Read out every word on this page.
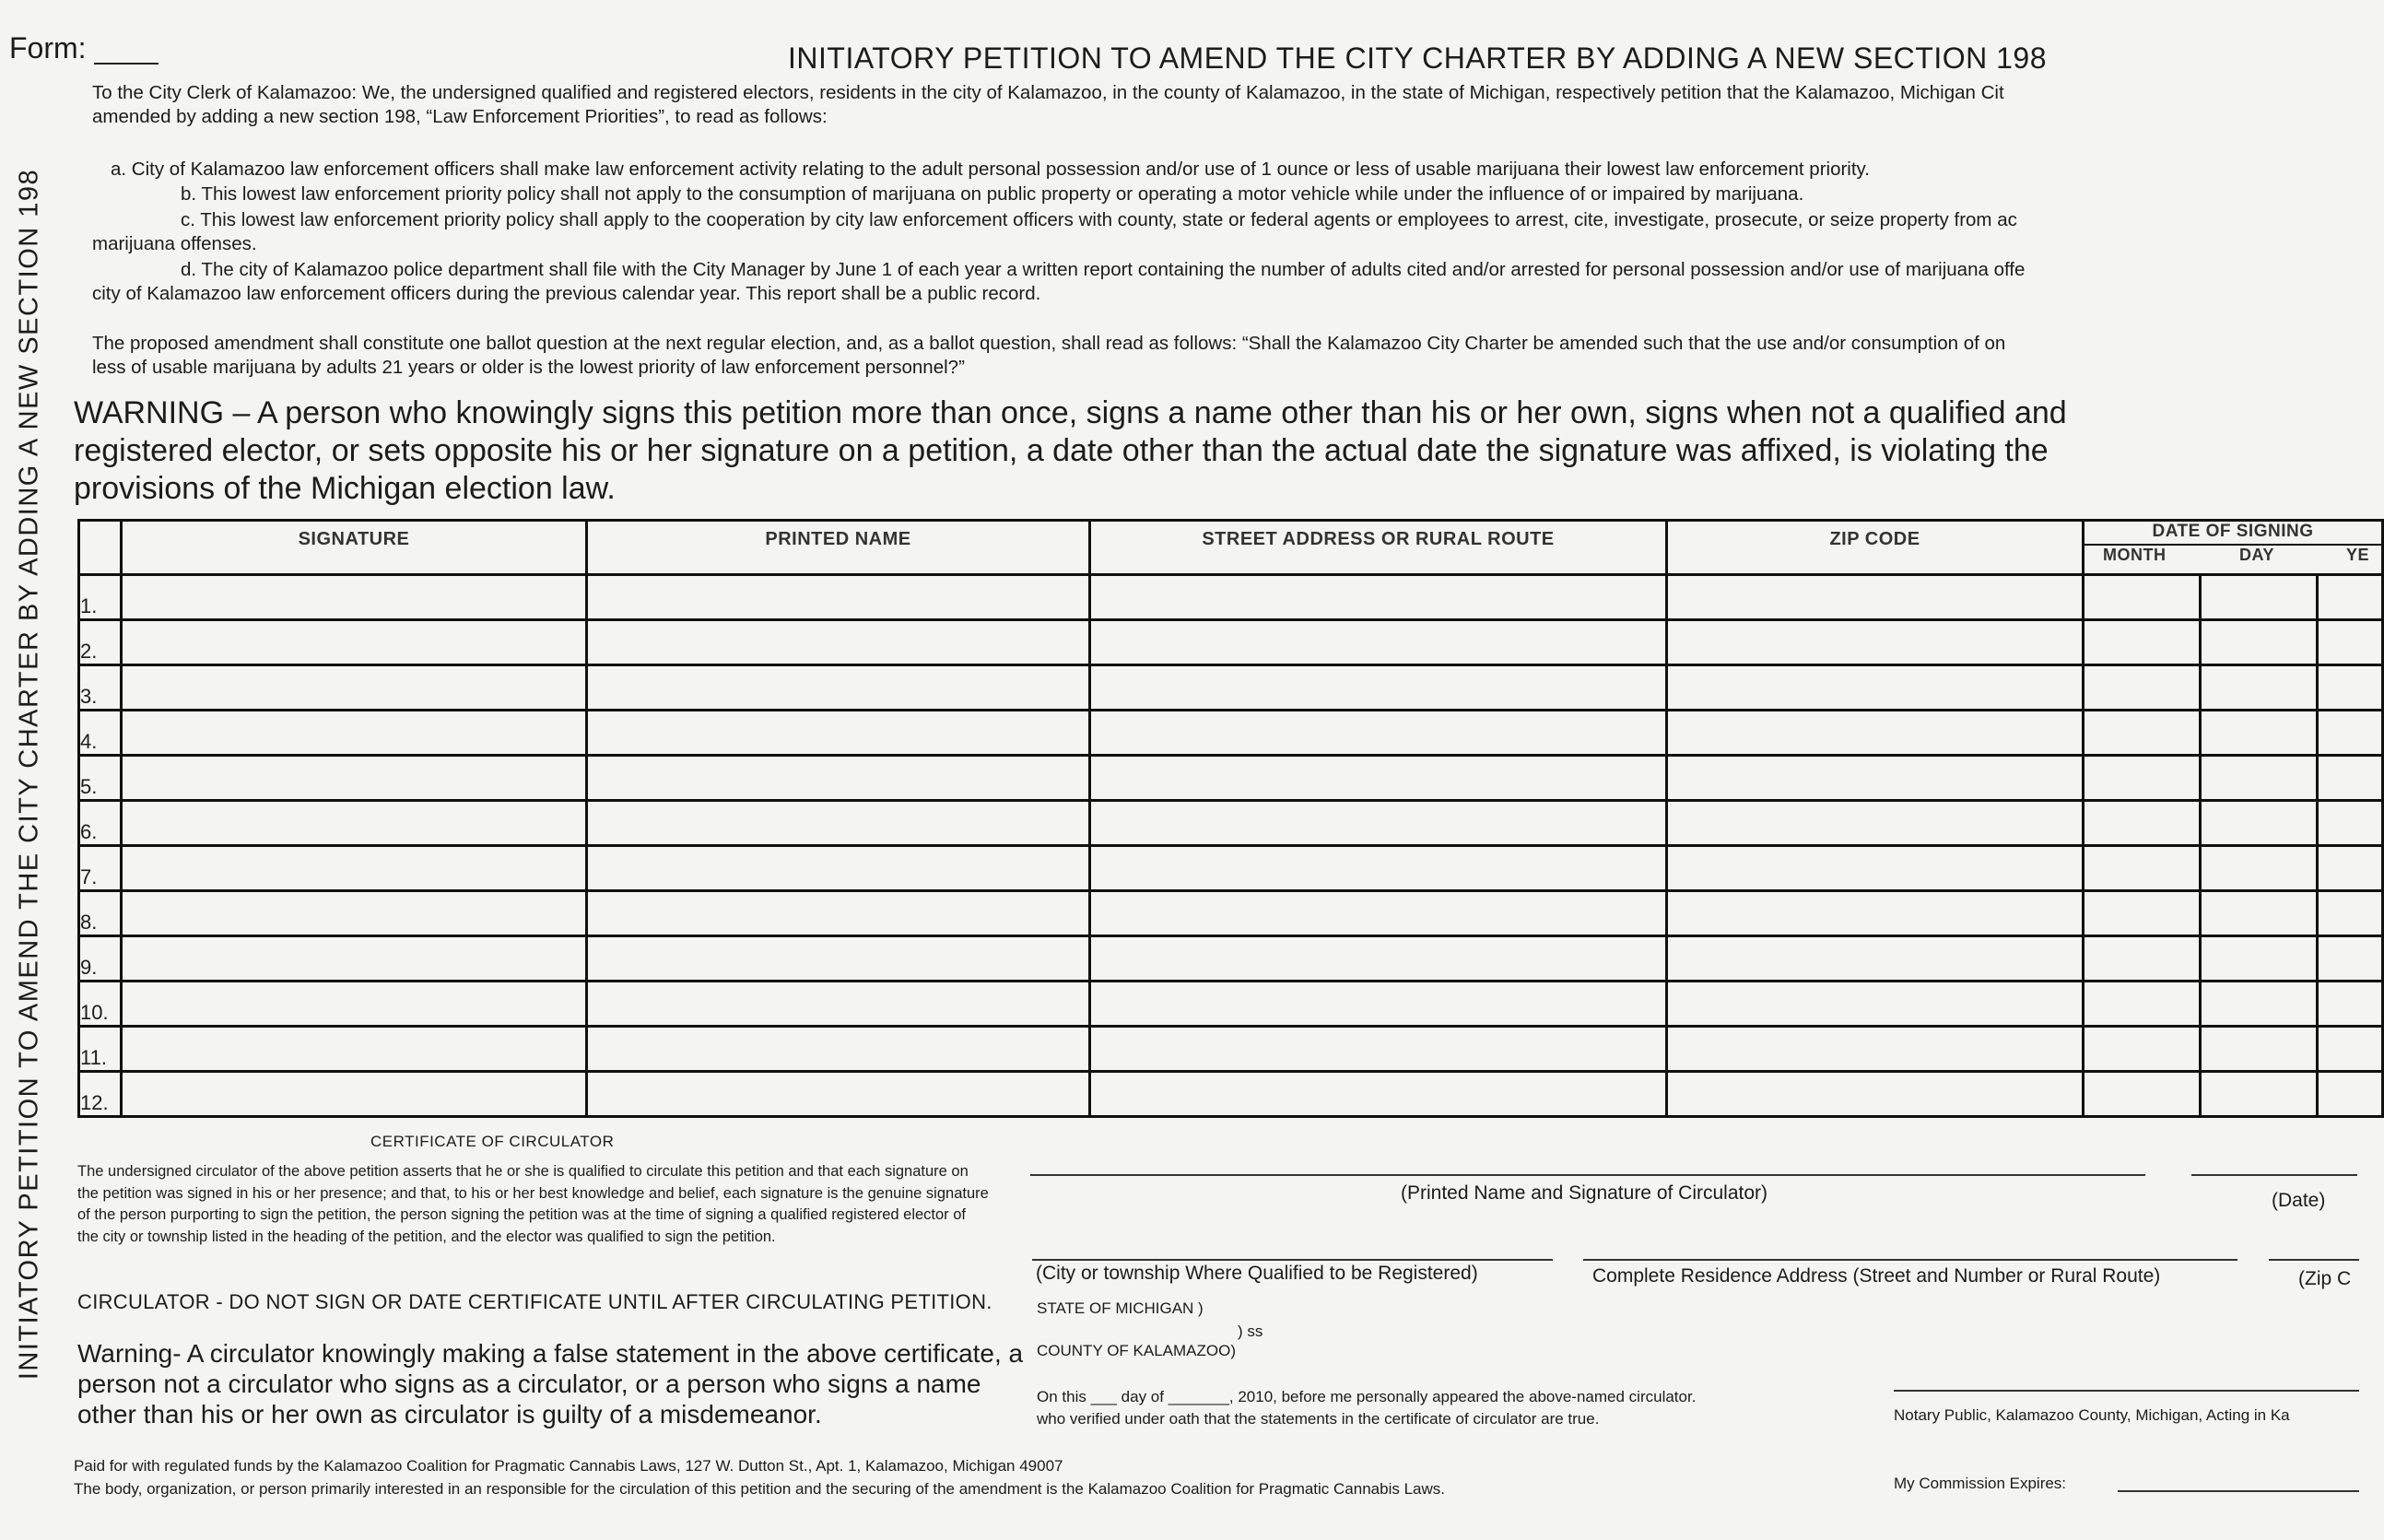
INITIATORY PETITION TO AMEND THE CITY CHARTER BY ADDING A NEW SECTION 198
Form:	INITIATORY PETITION TO AMEND THE CITY CHARTER BY ADDING A NEW SECTION 198
To the City Clerk of Kalamazoo: We, the undersigned qualified and registered electors, residents in the city of Kalamazoo, in the county of Kalamazoo, in the state of Michigan, respectively petition that the Kalamazoo, Michigan Cit
amended by adding a new section 198, “Law Enforcement Priorities”, to read as follows:
a. City of Kalamazoo law enforcement officers shall make law enforcement activity relating to the adult personal possession and/or use of 1 ounce or less of usable marijuana their lowest law enforcement priority.
b. This lowest law enforcement priority policy shall not apply to the consumption of marijuana on public property or operating a motor vehicle while under the influence of or impaired by marijuana.
c. This lowest law enforcement priority policy shall apply to the cooperation by city law enforcement officers with county, state or federal agents or employees to arrest, cite, investigate, prosecute, or seize property from ac
marijuana offenses.
d. The city of Kalamazoo police department shall file with the City Manager by June 1 of each year a written report containing the number of adults cited and/or arrested for personal possession and/or use of marijuana offe
city of Kalamazoo law enforcement officers during the previous calendar year. This report shall be a public record.
The proposed amendment shall constitute one ballot question at the next regular election, and, as a ballot question, shall read as follows: “Shall the Kalamazoo City Charter be amended such that the use and/or consumption of on
less of usable marijuana by adults 21 years or older is the lowest priority of law enforcement personnel?”
WARNING – A person who knowingly signs this petition more than once, signs a name other than his or her own, signs when not a qualified and registered elector, or sets opposite his or her signature on a petition, a date other than the actual date the signature was affixed, is violating the provisions of the Michigan election law.
	SIGNATURE	PRINTED NAME	STREET ADDRESS OR RURAL ROUTE	ZIP CODE	DATE OF SIGNING
MONTH DAY YE		

1.							
2.							
3.							
4.							
5.							
6.							
7.							
8.							
9.							
10.							
11.							
12.							
CERTIFICATE OF CIRCULATOR
The undersigned circulator of the above petition asserts that he or she is qualified to circulate this petition and that each signature on the petition was signed in his or her presence; and that, to his or her best knowledge and belief, each signature is the genuine signature of the person purporting to sign the petition, the person signing the petition was at the time of signing a qualified registered elector of the city or township listed in the heading of the petition, and the elector was qualified to sign the petition.
CIRCULATOR - DO NOT SIGN OR DATE CERTIFICATE UNTIL AFTER CIRCULATING PETITION.
Warning- A circulator knowingly making a false statement in the above certificate, a person not a circulator who signs as a circulator, or a person who signs a name other than his or her own as circulator is guilty of a misdemeanor.
(Printed Name and Signature of Circulator)	(Date)
(City or township Where Qualified to be Registered)	Complete Residence Address (Street and Number or Rural Route)	(Zip C
STATE OF MICHIGAN )
) ss
COUNTY OF KALAMAZOO)
On this ___ day of _______, 2010, before me personally appeared the above-named circulator.
who verified under oath that the statements in the certificate of circulator are true.	Notary Public, Kalamazoo County, Michigan, Acting in Ka
Paid for with regulated funds by the Kalamazoo Coalition for Pragmatic Cannabis Laws, 127 W. Dutton St., Apt. 1, Kalamazoo, Michigan 49007
The body, organization, or person primarily interested in an responsible for the circulation of this petition and the securing of the amendment is the Kalamazoo Coalition for Pragmatic Cannabis Laws.	My Commission Expires:
